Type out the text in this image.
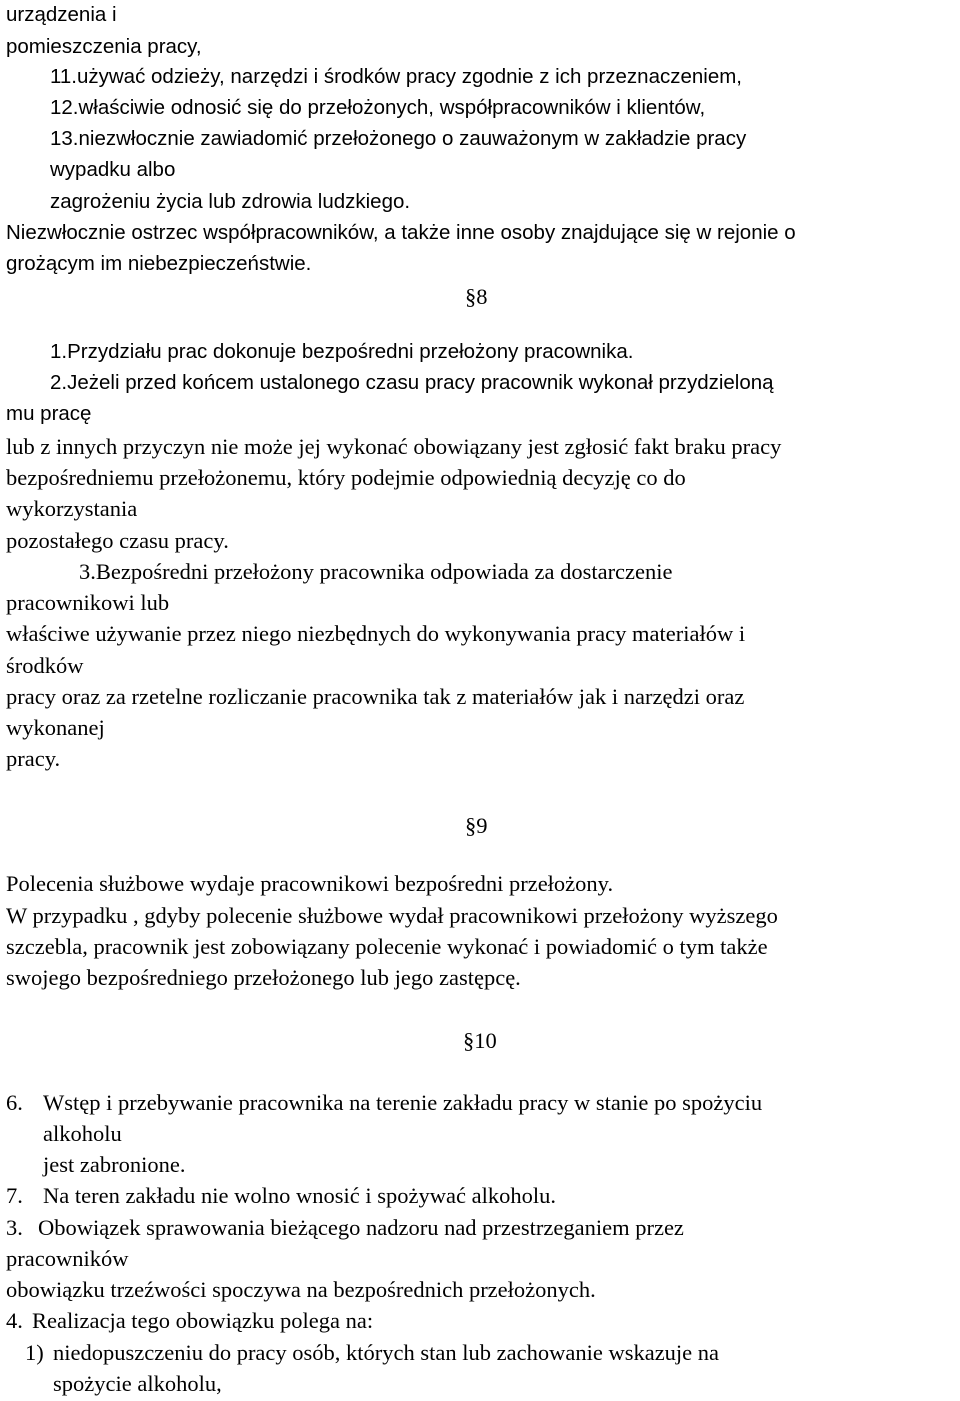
urządzenia i
pomieszczenia pracy,
11.używać odzieży, narzędzi i środków pracy zgodnie z ich przeznaczeniem,
12.właściwie odnosić się do przełożonych, współpracowników i klientów,
13.niezwłocznie zawiadomić przełożonego o zauważonym w zakładzie pracy
wypadku albo
zagrożeniu życia lub zdrowia ludzkiego.
Niezwłocznie ostrzec współpracowników, a także inne osoby znajdujące się w rejonie o
grożącym im niebezpieczeństwie.
§8
1.Przydziału prac dokonuje bezpośredni przełożony pracownika.
2.Jeżeli przed końcem ustalonego czasu pracy pracownik wykonał przydzieloną
mu pracę
lub z innych przyczyn nie może jej wykonać obowiązany jest zgłosić fakt braku pracy
bezpośredniemu przełożonemu, który podejmie odpowiednią decyzję co do
wykorzystania
pozostałego czasu pracy.
3.Bezpośredni przełożony pracownika odpowiada za dostarczenie
pracownikowi lub
właściwe używanie przez niego niezbędnych do wykonywania pracy materiałów i
środków
pracy oraz za rzetelne rozliczanie pracownika tak z materiałów jak i narzędzi oraz
wykonanej
pracy.
§9
Polecenia służbowe wydaje pracownikowi bezpośredni przełożony.
W przypadku , gdyby polecenie służbowe wydał pracownikowi przełożony wyższego
szczebla, pracownik jest zobowiązany polecenie wykonać i powiadomić o tym także
swojego bezpośredniego przełożonego lub jego zastępcę.
§10
6. Wstęp i przebywanie pracownika na terenie zakładu pracy w stanie po spożyciu
alkoholu
jest zabronione.
7. Na teren zakładu nie wolno wnosić i spożywać alkoholu.
3. Obowiązek sprawowania bieżącego nadzoru nad przestrzeganiem przez
pracowników
obowiązku trzeźwości spoczywa na bezpośrednich przełożonych.
4. Realizacja tego obowiązku polega na:
1) niedopuszczeniu do pracy osób, których stan lub zachowanie wskazuje na
spożycie alkoholu,
